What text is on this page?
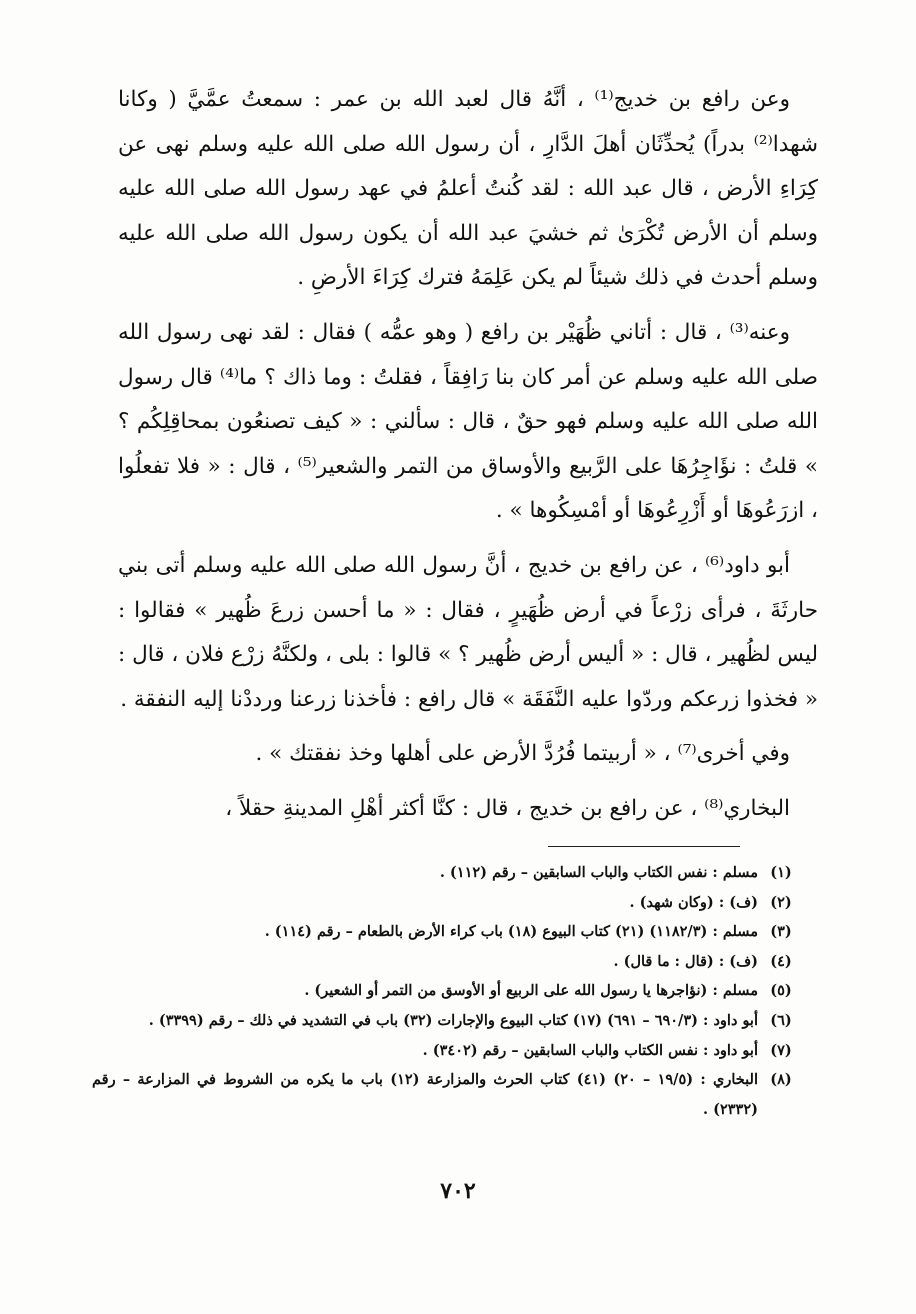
وعن رافع بن خديج⁽¹⁾ ، أنَّهُ قال لعبد الله بن عمر : سمعتُ عمَّيَّ ( وكانا شهدا⁽²⁾ بدراً) يُحدِّثَان أهلَ الدَّارِ ، أن رسول الله صلى الله عليه وسلم نهى عن كِرَاءِ الأرض ، قال عبد الله : لقد كُنتُ أعلمُ في عهد رسول الله صلى الله عليه وسلم أن الأرض تُكْرَىٰ ثم خشيَ عبد الله أن يكون رسول الله صلى الله عليه وسلم أحدث في ذلك شيئاً لم يكن عَلِمَهُ فترك كِرَاءَ الأرضِ .

وعنه⁽³⁾ ، قال : أتاني ظُهَيْر بن رافع ( وهو عمُّه ) فقال : لقد نهى رسول الله صلى الله عليه وسلم عن أمر كان بنا رَافِقاً ، فقلتُ : وما ذاك ؟ ما⁽⁴⁾ قال رسول الله صلى الله عليه وسلم فهو حقٌ ، قال : سألني : « كيف تصنعُون بمحاقِلِكُم ؟ » قلتُ : نؤَاجِرُهَا على الرَّبيع والأوساق من التمر والشعير⁽⁵⁾ ، قال : « فلا تفعلُوا ، ازرَعُوهَا أو أَزْرِعُوهَا أو أمْسِكُوها » .

أبو داود⁽⁶⁾ ، عن رافع بن خديج ، أنَّ رسول الله صلى الله عليه وسلم أتى بني حارثَةَ ، فرأى زرْعاً في أرض ظُهَيرٍ ، فقال : « ما أحسن زرعَ ظُهير » فقالوا : ليس لظُهير ، قال : « أليس أرض ظُهير ؟ » قالوا : بلى ، ولكنَّهُ زرْع فلان ، قال : « فخذوا زرعكم وردّوا عليه النَّفَقَة » قال رافع : فأخذنا زرعنا ورددْنا إليه النفقة .

وفي أخرى⁽⁷⁾ ، « أربيتما فُرُدَّ الأرض على أهلها وخذ نفقتك » .

البخاري⁽⁸⁾ ، عن رافع بن خديج ، قال : كنَّا أكثر أهْلِ المدينةِ حقلاً ،

(١)
مسلم : نفس الكتاب والباب السابقين – رقم (١١٢) .
(٢)
(ف) : (وكان شهد) .
(٣)
مسلم : (١١٨٢/٣) (٢١) كتاب البيوع (١٨) باب كراء الأرض بالطعام – رقم (١١٤) .
(٤)
(ف) : (قال : ما قال) .
(٥)
مسلم : (نؤاجرها يا رسول الله على الربيع أو الأوسق من التمر أو الشعير) .
(٦)
أبو داود : (٦٩٠/٣ – ٦٩١) (١٧) كتاب البيوع والإجارات (٣٢) باب في التشديد في ذلك – رقم (٣٣٩٩) .
(٧)
أبو داود : نفس الكتاب والباب السابقين – رقم (٣٤٠٢) .
(٨)
البخاري : (١٩/٥ – ٢٠) (٤١) كتاب الحرث والمزارعة (١٢) باب ما يكره من الشروط في المزارعة – رقم (٢٣٣٢) .
٧٠٢
